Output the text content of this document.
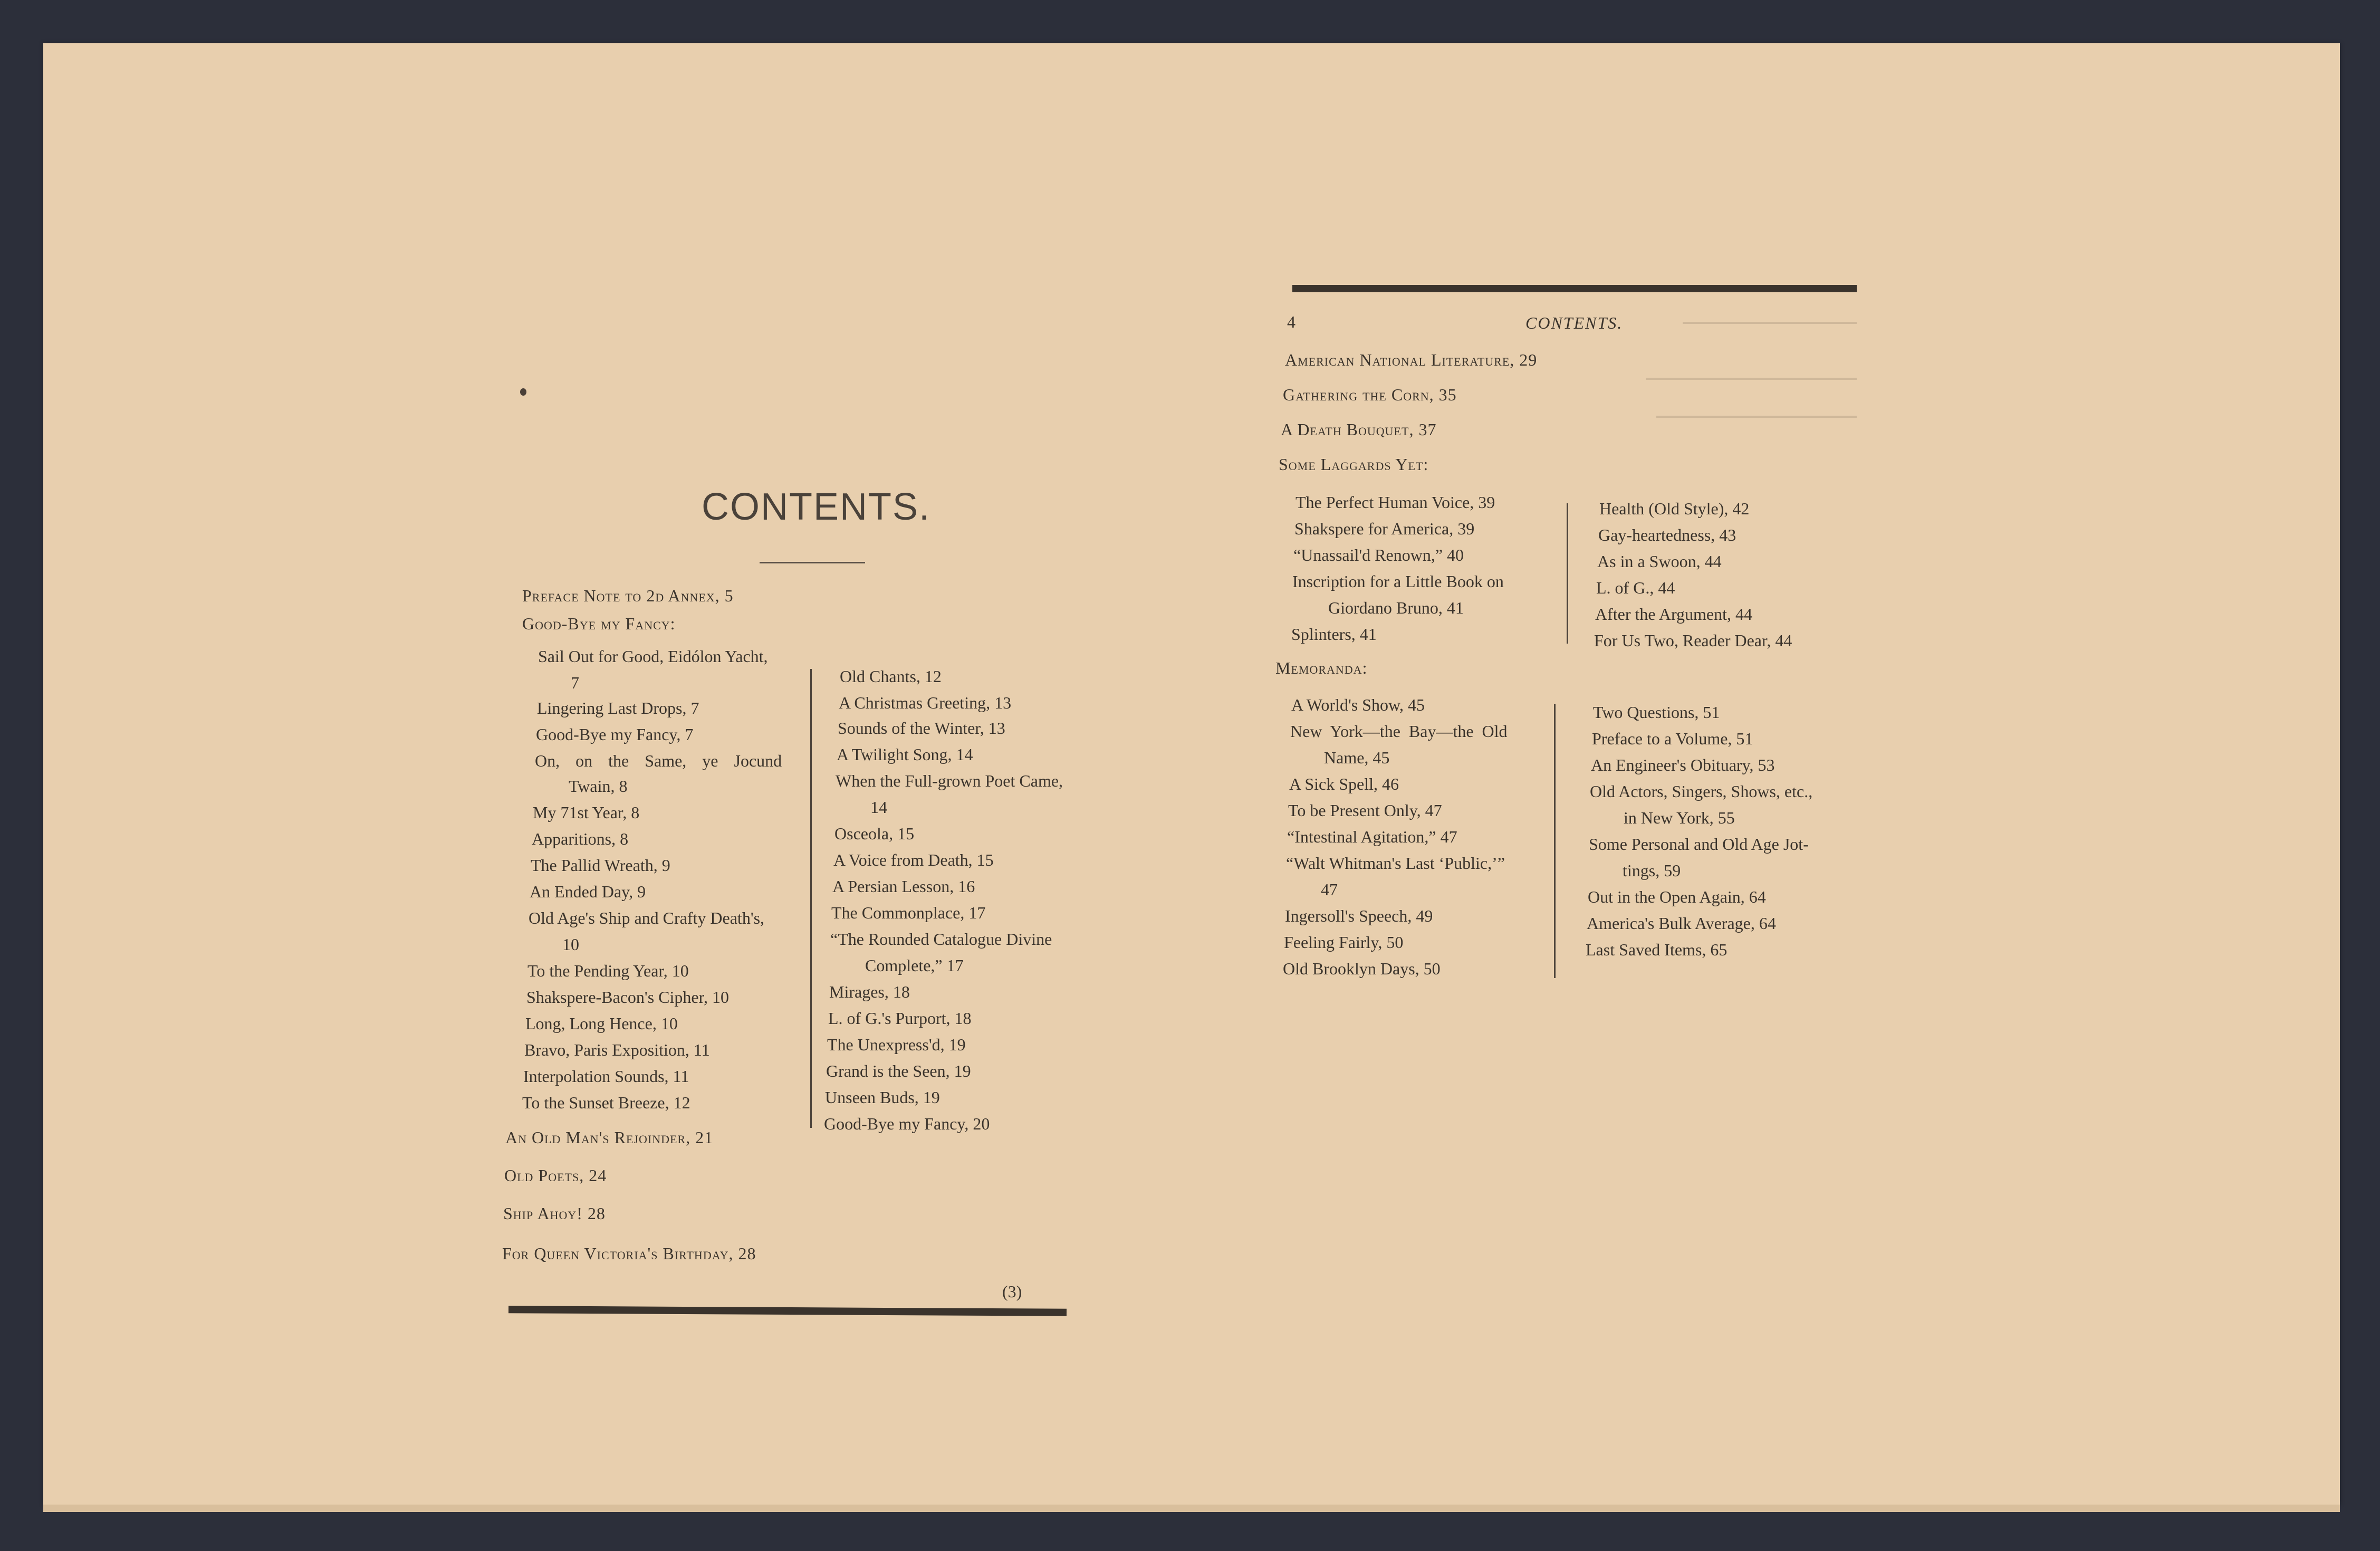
CONTENTS.
Preface Note to 2d Annex, 5
Good-Bye my Fancy:
Sail Out for Good, Eidólon Yacht,
7
Lingering Last Drops, 7
Good-Bye my Fancy, 7
On, on the Same, ye Jocund
Twain, 8
My 71st Year, 8
Apparitions, 8
The Pallid Wreath, 9
An Ended Day, 9
Old Age's Ship and Crafty Death's,
10
To the Pending Year, 10
Shakspere-Bacon's Cipher, 10
Long, Long Hence, 10
Bravo, Paris Exposition, 11
Interpolation Sounds, 11
To the Sunset Breeze, 12
Old Chants, 12
A Christmas Greeting, 13
Sounds of the Winter, 13
A Twilight Song, 14
When the Full-grown Poet Came,
14
Osceola, 15
A Voice from Death, 15
A Persian Lesson, 16
The Commonplace, 17
“The Rounded Catalogue Divine
Complete,” 17
Mirages, 18
L. of G.'s Purport, 18
The Unexpress'd, 19
Grand is the Seen, 19
Unseen Buds, 19
Good-Bye my Fancy, 20
An Old Man's Rejoinder, 21
Old Poets, 24
Ship Ahoy! 28
For Queen Victoria's Birthday, 28
(3)
4	CONTENTS.
American National Literature, 29
Gathering the Corn, 35
A Death Bouquet, 37
Some Laggards Yet:
The Perfect Human Voice, 39
Shakspere for America, 39
“Unassail'd Renown,” 40
Inscription for a Little Book on
Giordano Bruno, 41
Splinters, 41
Health (Old Style), 42
Gay-heartedness, 43
As in a Swoon, 44
L. of G., 44
After the Argument, 44
For Us Two, Reader Dear, 44
Memoranda:
A World's Show, 45
New York—the Bay—the Old
Name, 45
A Sick Spell, 46
To be Present Only, 47
“Intestinal Agitation,” 47
“Walt Whitman's Last ‘Public,’”
47
Ingersoll's Speech, 49
Feeling Fairly, 50
Old Brooklyn Days, 50
Two Questions, 51
Preface to a Volume, 51
An Engineer's Obituary, 53
Old Actors, Singers, Shows, etc.,
in New York, 55
Some Personal and Old Age Jot-
tings, 59
Out in the Open Again, 64
America's Bulk Average, 64
Last Saved Items, 65
